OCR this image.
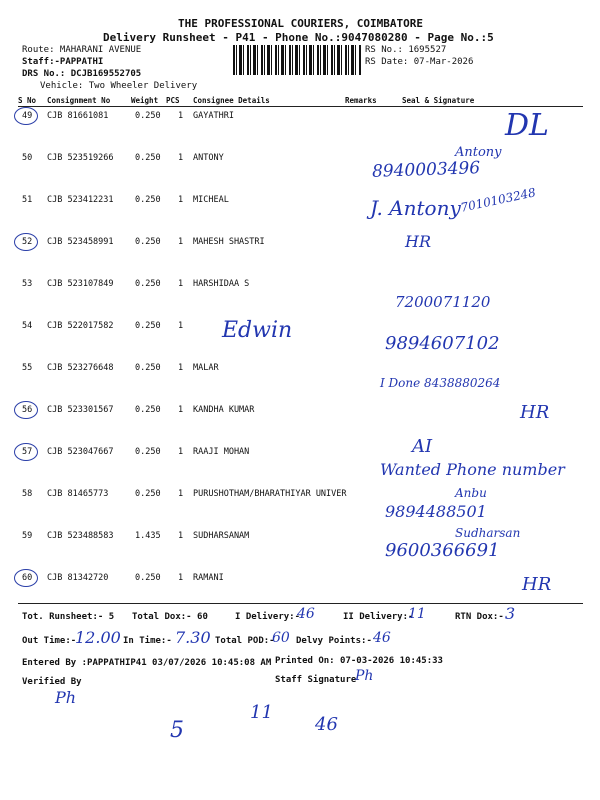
THE PROFESSIONAL COURIERS, COIMBATORE
Delivery Runsheet - P41 - Phone No.:9047080280 - Page No.:5
Route: MAHARANI AVENUE
Staff:-PAPPATHI
DRS No.: DCJB169552705
Vehicle: Two Wheeler Delivery
RS No.: 1695527
RS Date: 07-Mar-2026
S No Consignment No	Weight PCS Consignee Details	Remarks	Seal & Signature
49 CJB 81661081	0.250 1 GAYATHRI
50 CJB 523519266	0.250 1 ANTONY
51 CJB 523412231	0.250 1 MICHEAL
52 CJB 523458991	0.250 1 MAHESH SHASTRI
53 CJB 523107849	0.250 1 HARSHIDAA S
54 CJB 522017582	0.250 1
55 CJB 523276648	0.250 1 MALAR
56 CJB 523301567	0.250 1 KANDHA KUMAR
57 CJB 523047667	0.250 1 RAAJI MOHAN
58 CJB 81465773	0.250 1 PURUSHOTHAM/BHARATHIYAR UNIVER
59 CJB 523488583	1.435 1 SUDHARSANAM
60 CJB 81342720	0.250 1 RAMANI
DL
Antony
8940003496
J. Antony
7010103248
HR
7200071120
Edwin
9894607102
I Done 8438880264
HR
AI
Wanted Phone number
Anbu
9894488501
Sudharsan
9600366691
HR
Tot. Runsheet:- 5 Total Dox:- 60	I Delivery:-
46	II Delivery:-
11	RTN Dox:- 3
Out Time:-
12.00 In Time:- 7.30 Total POD:-
60 Delvy Points:- 46
Entered By :PAPPATHIP41 03/07/2026 10:45:08 AM Printed On: 07-03-2026 10:45:33
Verified By	Staff Signature
Ph
Ph
5
11
46
